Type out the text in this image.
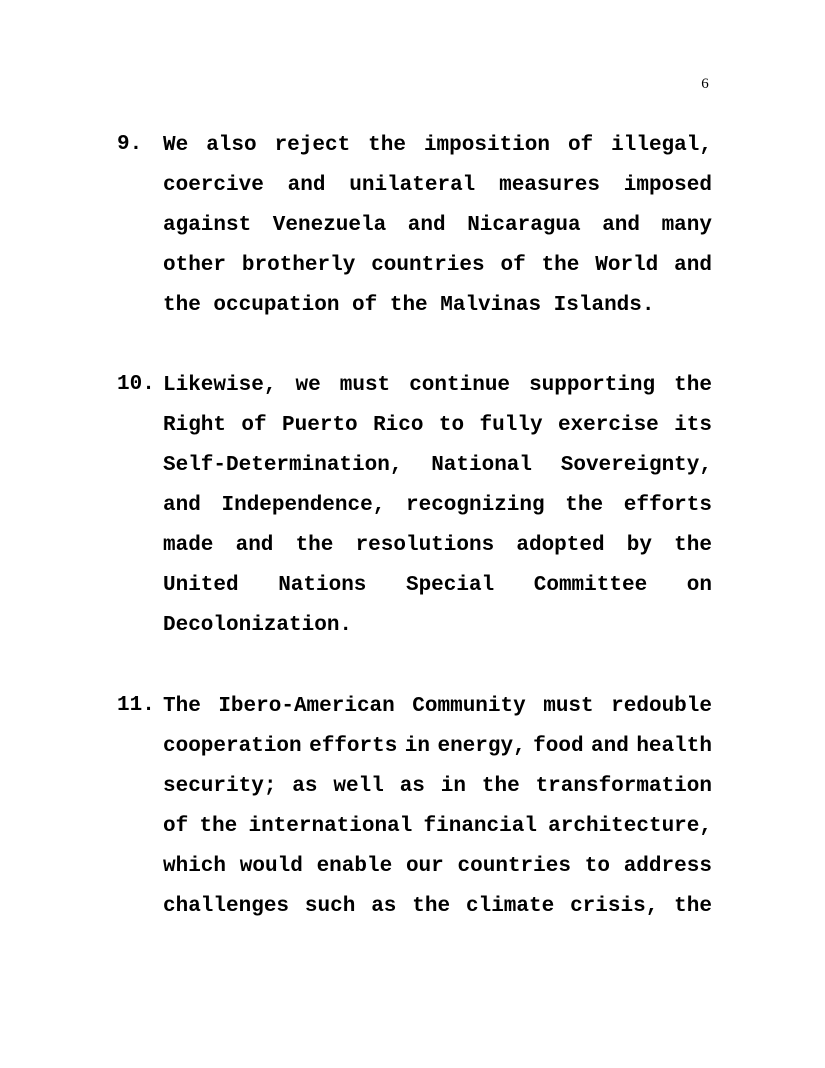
6
9. We also reject the imposition of illegal,
coercive and unilateral measures imposed
against Venezuela and Nicaragua and many
other brotherly countries of the World and
the occupation of the Malvinas Islands.
10. Likewise, we must continue supporting the
Right of Puerto Rico to fully exercise its
Self-Determination, National Sovereignty,
and Independence, recognizing the efforts
made and the resolutions adopted by the
United Nations Special Committee on
Decolonization.
11. The Ibero-American Community must redouble
cooperation efforts in energy, food and health
security; as well as in the transformation
of the international financial architecture,
which would enable our countries to address
challenges such as the climate crisis, the
